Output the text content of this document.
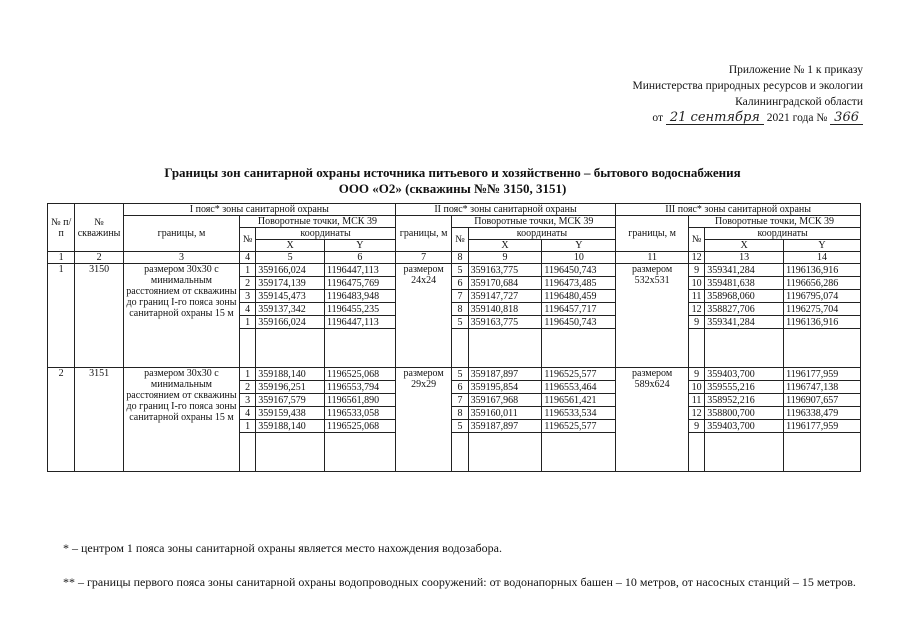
Приложение № 1 к приказу
Министерства природных ресурсов и экологии
Калининградской области
от 21 сентября 2021 года № 366
Границы зон санитарной охраны источника питьевого и хозяйственно – бытового водоснабжения
ООО «О2» (скважины №№ 3150, 3151)
№ п/п	№ скважины	I пояс* зоны санитарной охраны				II пояс* зоны санитарной охраны				III пояс* зоны санитарной охраны			
		границы, м	Поворотные точки, МСК 39			границы, м	Поворотные точки, МСК 39			границы, м	Поворотные точки, МСК 39		
			№	координаты			№	координаты			№	координаты	
				X	Y			X	Y			X	Y
1	2	3	4	5	6	7	8	9	10	11	12	13	14
1	3150	размером 30х30 с минимальным расстоянием от скважины до границ I-го пояса зоны санитарной охраны 15 м	1	359166,024	1196447,113	размером 24х24	5	359163,775	1196450,743	размером 532х531	9	359341,284	1196136,916
			2	359174,139	1196475,769		6	359170,684	1196473,485		10	359481,638	1196656,286
			3	359145,473	1196483,948		7	359147,727	1196480,459		11	358968,060	1196795,074
			4	359137,342	1196455,235		8	359140,818	1196457,717		12	358827,706	1196275,704
			1	359166,024	1196447,113		5	359163,775	1196450,743		9	359341,284	1196136,916

2	3151	размером 30х30 с минимальным расстоянием от скважины до границ I-го пояса зоны санитарной охраны 15 м	1	359188,140	1196525,068	размером 29х29	5	359187,897	1196525,577	размером 589х624	9	359403,700	1196177,959
			2	359196,251	1196553,794		6	359195,854	1196553,464		10	359555,216	1196747,138
			3	359167,579	1196561,890		7	359167,968	1196561,421		11	358952,216	1196907,657
			4	359159,438	1196533,058		8	359160,011	1196533,534		12	358800,700	1196338,479
			1	359188,140	1196525,068		5	359187,897	1196525,577		9	359403,700	1196177,959

* – центром 1 пояса зоны санитарной охраны является место нахождения водозабора.
** – границы первого пояса зоны санитарной охраны водопроводных сооружений: от водонапорных башен – 10 метров, от насосных станций – 15 метров.
